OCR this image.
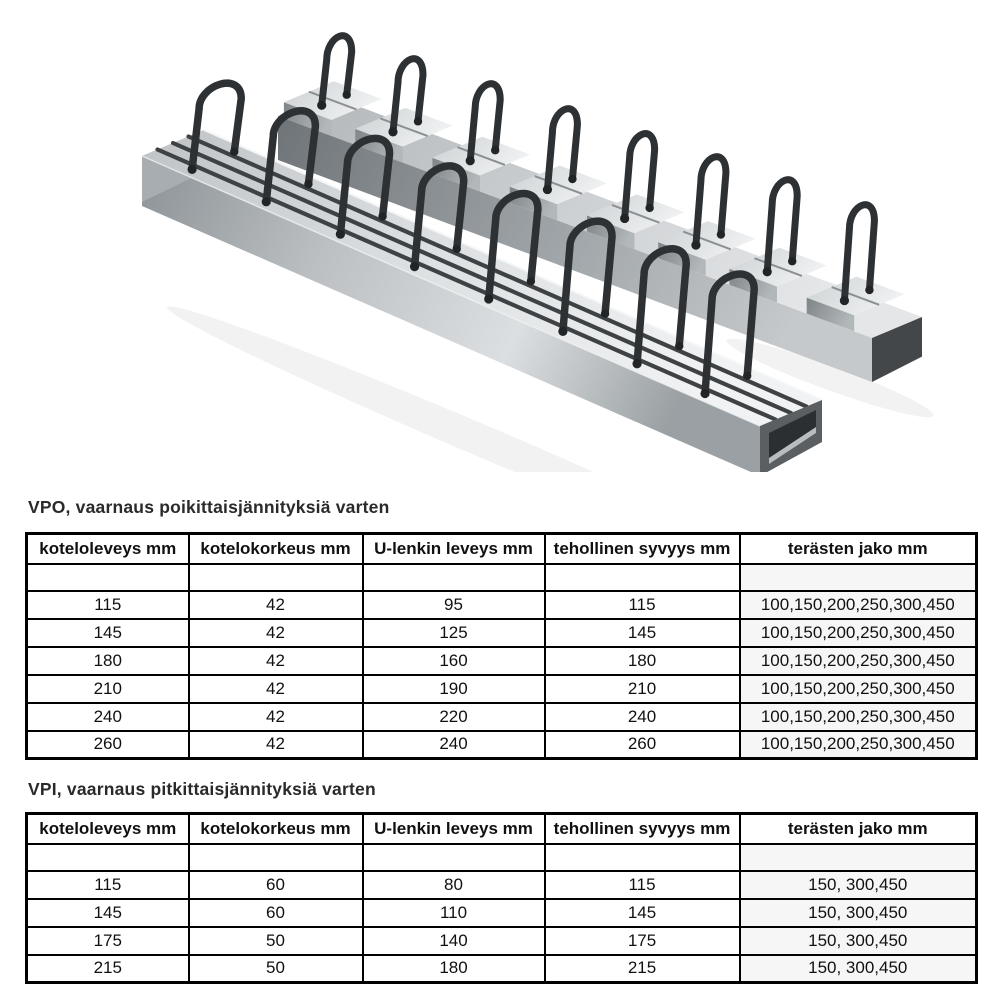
VPO, vaarnaus poikittaisjännityksiä varten
koteloleveys mm	kotelokorkeus mm	U-lenkin leveys mm	tehollinen syvyys mm	terästen jako mm

115	42	95	115	100,150,200,250,300,450
145	42	125	145	100,150,200,250,300,450
180	42	160	180	100,150,200,250,300,450
210	42	190	210	100,150,200,250,300,450
240	42	220	240	100,150,200,250,300,450
260	42	240	260	100,150,200,250,300,450
VPI, vaarnaus pitkittaisjännityksiä varten
koteloleveys mm	kotelokorkeus mm	U-lenkin leveys mm	tehollinen syvyys mm	terästen jako mm

115	60	80	115	150, 300,450
145	60	110	145	150, 300,450
175	50	140	175	150, 300,450
215	50	180	215	150, 300,450
